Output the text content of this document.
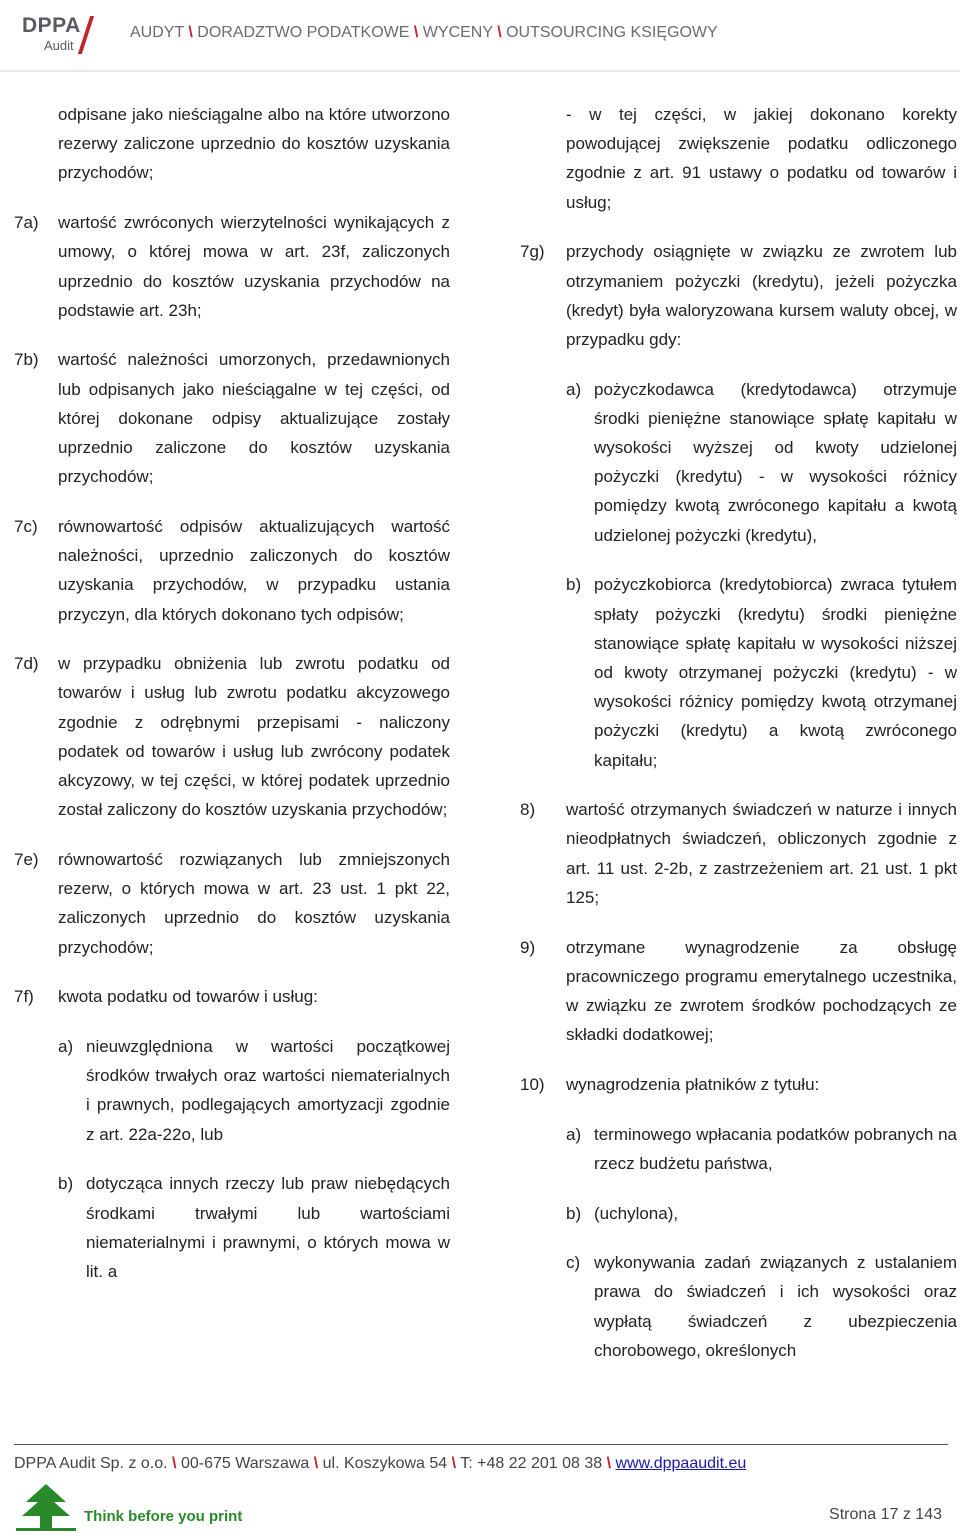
DPPA
Audit
AUDYT \ DORADZTWO PODATKOWE \ WYCENY \ OUTSOURCING KSIĘGOWY
odpisane jako nieściągalne albo na które utworzono rezerwy zaliczone uprzednio do kosztów uzyskania przychodów;
7a)	wartość zwróconych wierzytelności wynikających z umowy, o której mowa w art. 23f, zaliczonych uprzednio do kosztów uzyskania przychodów na podstawie art. 23h;
7b)	wartość należności umorzonych, przedawnionych lub odpisanych jako nieściągalne w tej części, od której dokonane odpisy aktualizujące zostały uprzednio zaliczone do kosztów uzyskania przychodów;
7c)	równowartość odpisów aktualizujących wartość należności, uprzednio zaliczonych do kosztów uzyskania przychodów, w przypadku ustania przyczyn, dla których dokonano tych odpisów;
7d)	w przypadku obniżenia lub zwrotu podatku od towarów i usług lub zwrotu podatku akcyzowego zgodnie z odrębnymi przepisami - naliczony podatek od towarów i usług lub zwrócony podatek akcyzowy, w tej części, w której podatek uprzednio został zaliczony do kosztów uzyskania przychodów;
7e)	równowartość rozwiązanych lub zmniejszonych rezerw, o których mowa w art. 23 ust. 1 pkt 22, zaliczonych uprzednio do kosztów uzyskania przychodów;
7f)	kwota podatku od towarów i usług:
a) nieuwzględniona w wartości początkowej środków trwałych oraz wartości niematerialnych i prawnych, podlegających amortyzacji zgodnie z art. 22a-22o, lub
b) dotycząca innych rzeczy lub praw niebędących środkami trwałymi lub wartościami niematerialnymi i prawnymi, o których mowa w lit. a
- w tej części, w jakiej dokonano korekty powodującej zwiększenie podatku odliczonego zgodnie z art. 91 ustawy o podatku od towarów i usług;
7g)	przychody osiągnięte w związku ze zwrotem lub otrzymaniem pożyczki (kredytu), jeżeli pożyczka (kredyt) była waloryzowana kursem waluty obcej, w przypadku gdy:
a) pożyczkodawca (kredytodawca) otrzymuje środki pieniężne stanowiące spłatę kapitału w wysokości wyższej od kwoty udzielonej pożyczki (kredytu) - w wysokości różnicy pomiędzy kwotą zwróconego kapitału a kwotą udzielonej pożyczki (kredytu),
b) pożyczkobiorca (kredytobiorca) zwraca tytułem spłaty pożyczki (kredytu) środki pieniężne stanowiące spłatę kapitału w wysokości niższej od kwoty otrzymanej pożyczki (kredytu) - w wysokości różnicy pomiędzy kwotą otrzymanej pożyczki (kredytu) a kwotą zwróconego kapitału;
8)	wartość otrzymanych świadczeń w naturze i innych nieodpłatnych świadczeń, obliczonych zgodnie z art. 11 ust. 2-2b, z zastrzeżeniem art. 21 ust. 1 pkt 125;
9)	otrzymane wynagrodzenie za obsługę pracowniczego programu emerytalnego uczestnika, w związku ze zwrotem środków pochodzących ze składki dodatkowej;
10)	wynagrodzenia płatników z tytułu:
a) terminowego wpłacania podatków pobranych na rzecz budżetu państwa,
b) (uchylona),
c) wykonywania zadań związanych z ustalaniem prawa do świadczeń i ich wysokości oraz wypłatą świadczeń z ubezpieczenia chorobowego, określonych
DPPA Audit Sp. z o.o. \ 00-675 Warszawa \ ul. Koszykowa 54 \ T: +48 22 201 08 38 \ www.dppaaudit.eu
Think before you print	Strona 17 z 143
